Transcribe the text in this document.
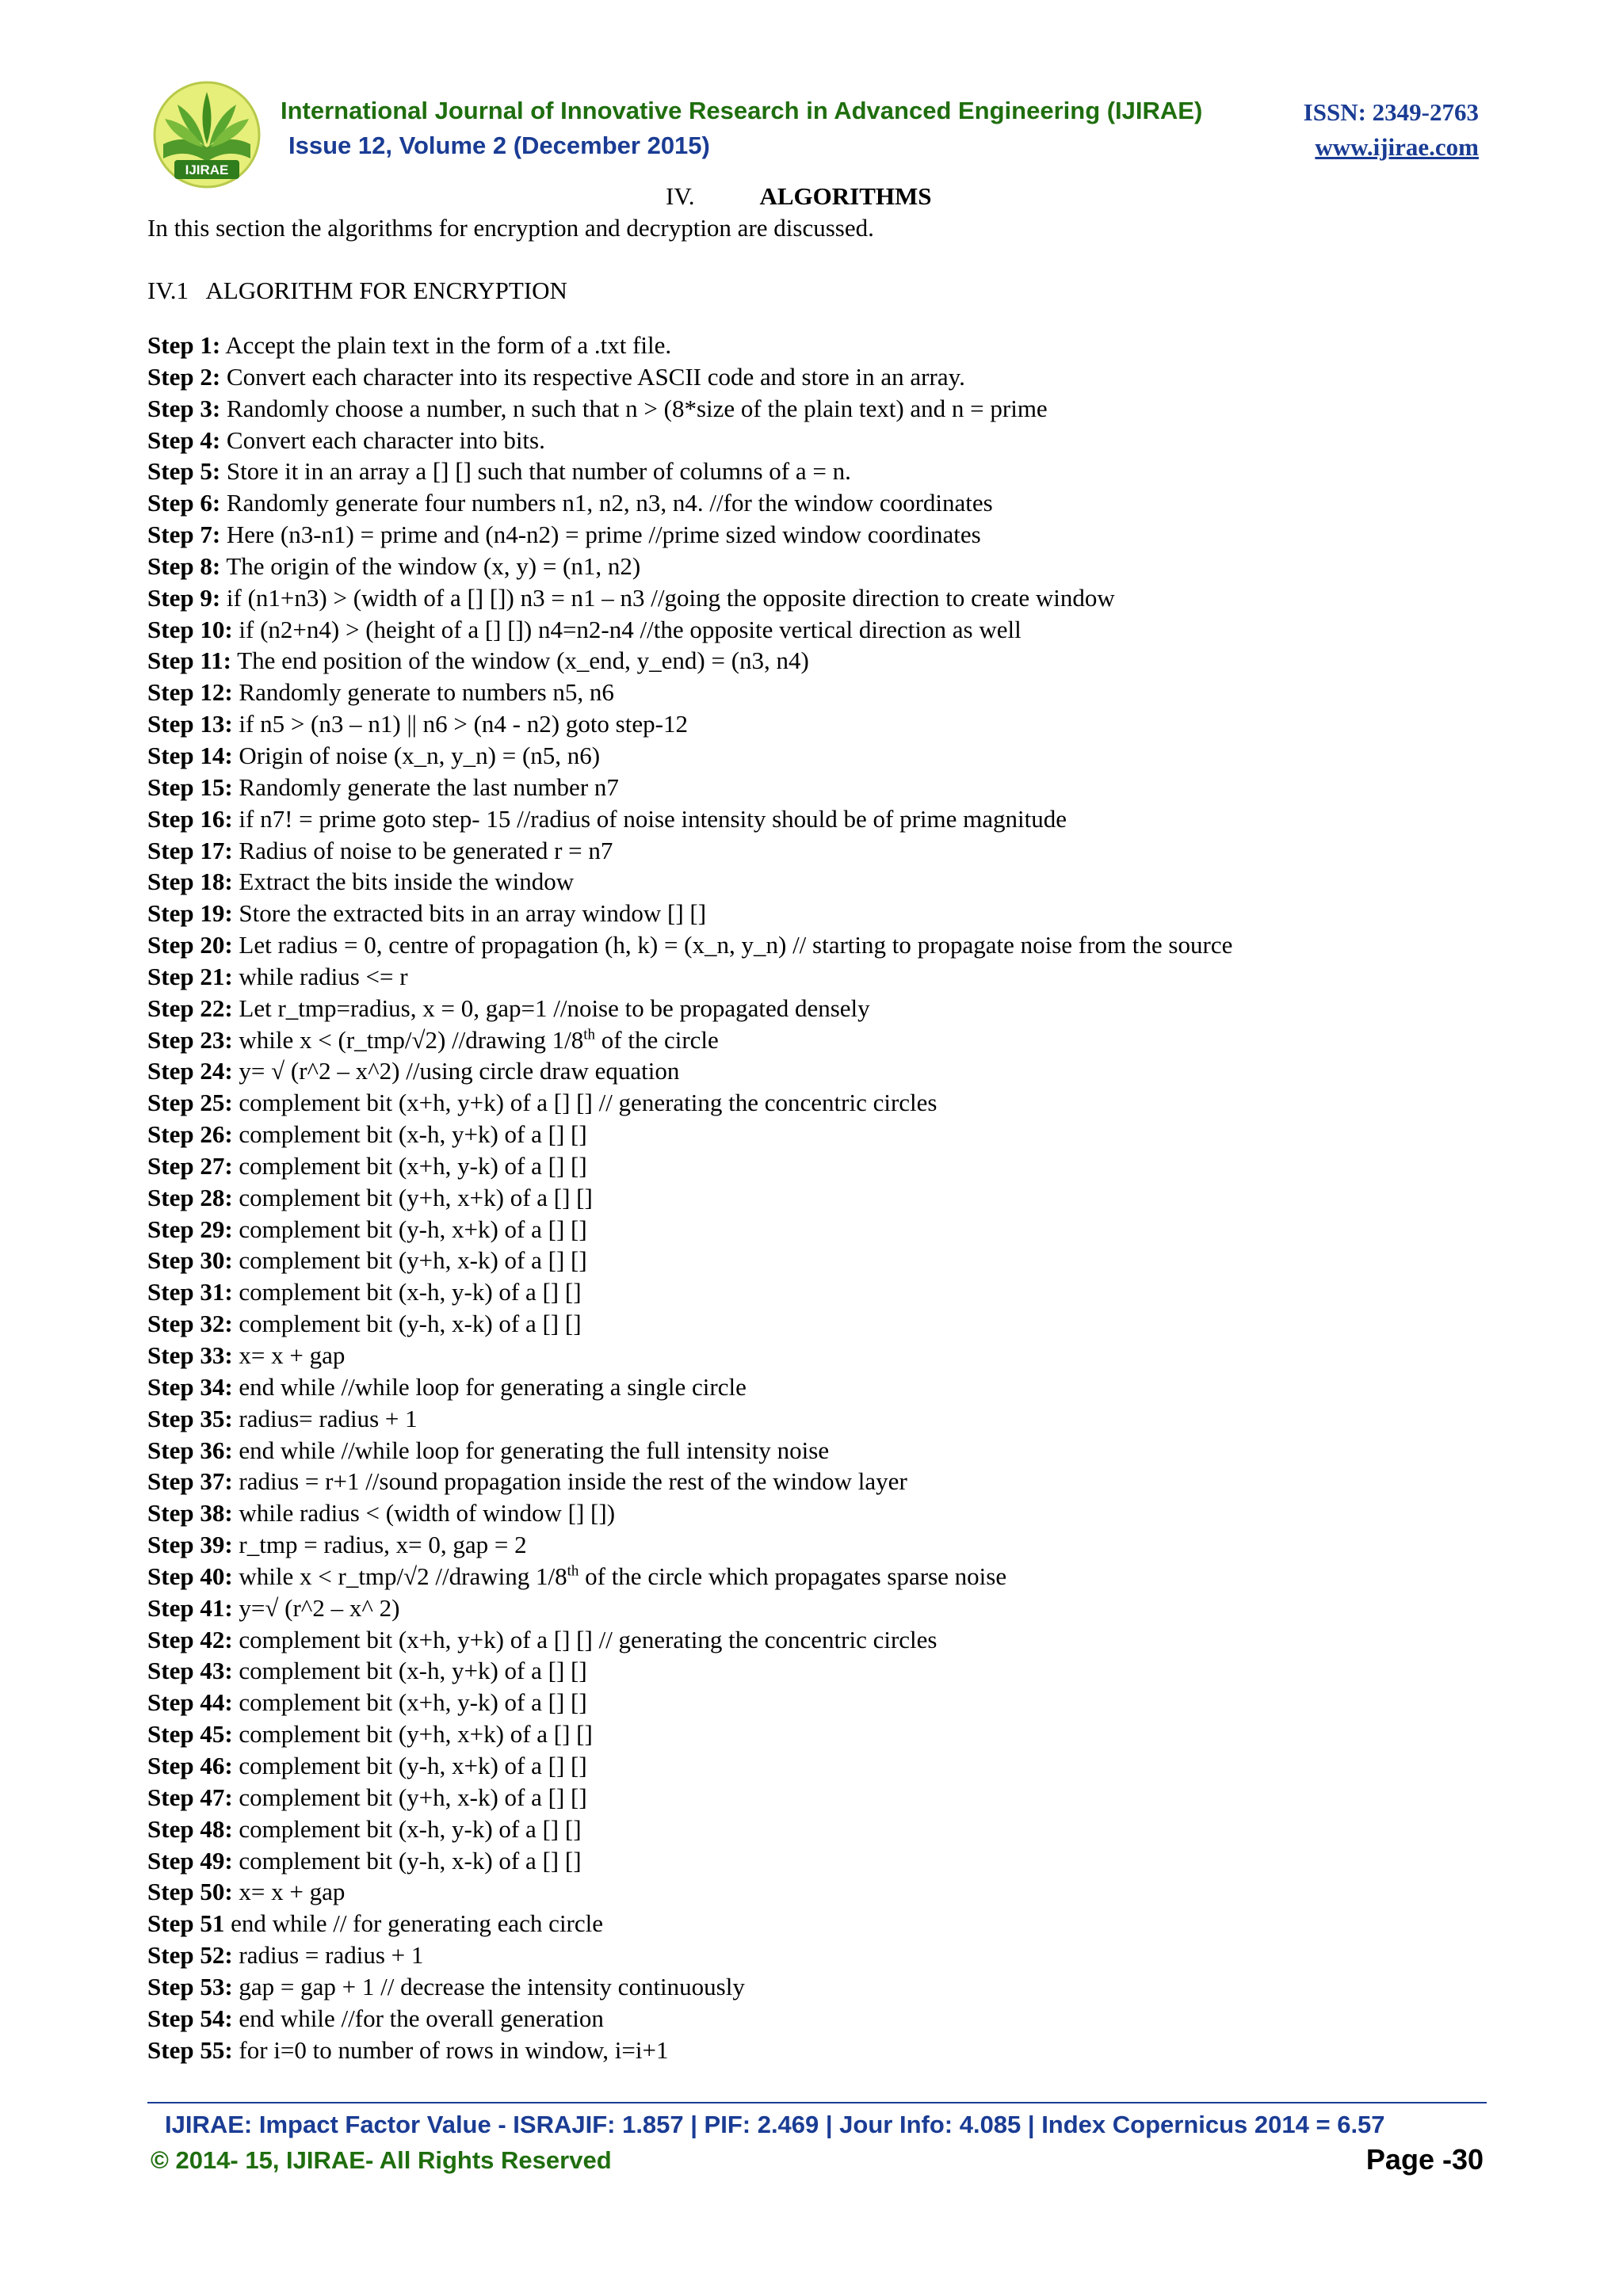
IJIRAE
International Journal of Innovative Research in Advanced Engineering (IJIRAE)
Issue 12, Volume 2 (December 2015)
ISSN: 2349-2763
www.ijirae.com
IV.	ALGORITHMS
In this section the algorithms for encryption and decryption are discussed.
IV.1   ALGORITHM FOR ENCRYPTION
Step 1: Accept the plain text in the form of a .txt file.
Step 2: Convert each character into its respective ASCII code and store in an array.
Step 3: Randomly choose a number, n such that n > (8*size of the plain text) and n = prime
Step 4: Convert each character into bits.
Step 5: Store it in an array a [] [] such that number of columns of a = n.
Step 6: Randomly generate four numbers n1, n2, n3, n4. //for the window coordinates
Step 7: Here (n3-n1) = prime and (n4-n2) = prime //prime sized window coordinates
Step 8: The origin of the window (x, y) = (n1, n2)
Step 9: if (n1+n3) > (width of a [] []) n3 = n1 – n3 //going the opposite direction to create window
Step 10: if (n2+n4) > (height of a [] []) n4=n2-n4 //the opposite vertical direction as well
Step 11: The end position of the window (x_end, y_end) = (n3, n4)
Step 12: Randomly generate to numbers n5, n6
Step 13: if n5 > (n3 – n1) || n6 > (n4 - n2) goto step-12
Step 14: Origin of noise (x_n, y_n) = (n5, n6)
Step 15: Randomly generate the last number n7
Step 16: if n7! = prime goto step- 15 //radius of noise intensity should be of prime magnitude
Step 17: Radius of noise to be generated r = n7
Step 18: Extract the bits inside the window
Step 19: Store the extracted bits in an array window [] []
Step 20: Let radius = 0, centre of propagation (h, k) = (x_n, y_n) // starting to propagate noise from the source
Step 21: while radius <= r
Step 22: Let r_tmp=radius, x = 0, gap=1 //noise to be propagated densely
Step 23: while x < (r_tmp/√2) //drawing 1/8th of the circle
Step 24: y= √ (r^2 – x^2) //using circle draw equation
Step 25: complement bit (x+h, y+k) of a [] [] // generating the concentric circles
Step 26: complement bit (x-h, y+k) of a [] []
Step 27: complement bit (x+h, y-k) of a [] []
Step 28: complement bit (y+h, x+k) of a [] []
Step 29: complement bit (y-h, x+k) of a [] []
Step 30: complement bit (y+h, x-k) of a [] []
Step 31: complement bit (x-h, y-k) of a [] []
Step 32: complement bit (y-h, x-k) of a [] []
Step 33: x= x + gap
Step 34: end while //while loop for generating a single circle
Step 35: radius= radius + 1
Step 36: end while //while loop for generating the full intensity noise
Step 37: radius = r+1 //sound propagation inside the rest of the window layer
Step 38: while radius < (width of window [] [])
Step 39: r_tmp = radius, x= 0, gap = 2
Step 40: while x < r_tmp/√2 //drawing 1/8th of the circle which propagates sparse noise
Step 41: y=√ (r^2 – x^ 2)
Step 42: complement bit (x+h, y+k) of a [] [] // generating the concentric circles
Step 43: complement bit (x-h, y+k) of a [] []
Step 44: complement bit (x+h, y-k) of a [] []
Step 45: complement bit (y+h, x+k) of a [] []
Step 46: complement bit (y-h, x+k) of a [] []
Step 47: complement bit (y+h, x-k) of a [] []
Step 48: complement bit (x-h, y-k) of a [] []
Step 49: complement bit (y-h, x-k) of a [] []
Step 50: x= x + gap
Step 51 end while // for generating each circle
Step 52: radius = radius + 1
Step 53: gap = gap + 1 // decrease the intensity continuously
Step 54: end while //for the overall generation
Step 55: for i=0 to number of rows in window, i=i+1
IJIRAE: Impact Factor Value - ISRAJIF: 1.857 | PIF: 2.469 | Jour Info: 4.085 | Index Copernicus 2014 = 6.57
© 2014- 15, IJIRAE- All Rights Reserved	Page -30
